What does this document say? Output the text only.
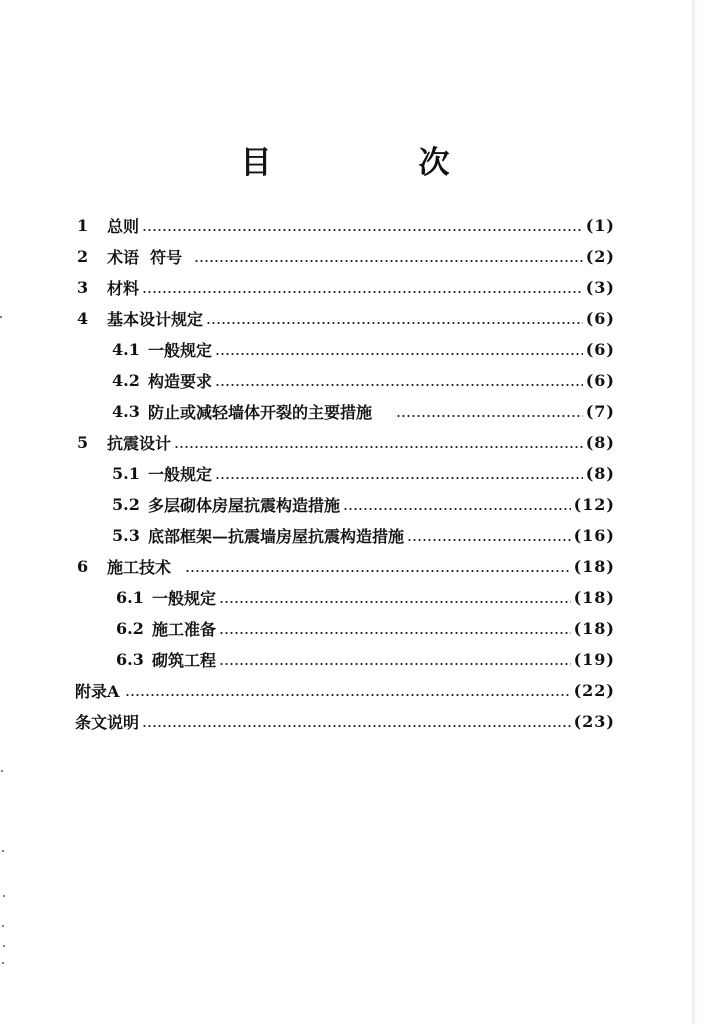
目　次
1	总则	(1)
2	术语  符号	(2)
3	材料	(3)
4	基本设计规定	(6)
4.1 一般规定	(6)
4.2 构造要求	(6)
4.3 防止或减轻墙体开裂的主要措施	(7)
5	抗震设计	(8)
5.1 一般规定	(8)
5.2 多层砌体房屋抗震构造措施	(12)
5.3 底部框架—抗震墙房屋抗震构造措施	(16)
6	施工技术	(18)
6.1 一般规定	(18)
6.2 施工准备	(18)
6.3 砌筑工程	(19)
附录A	(22)
条文说明	(23)
